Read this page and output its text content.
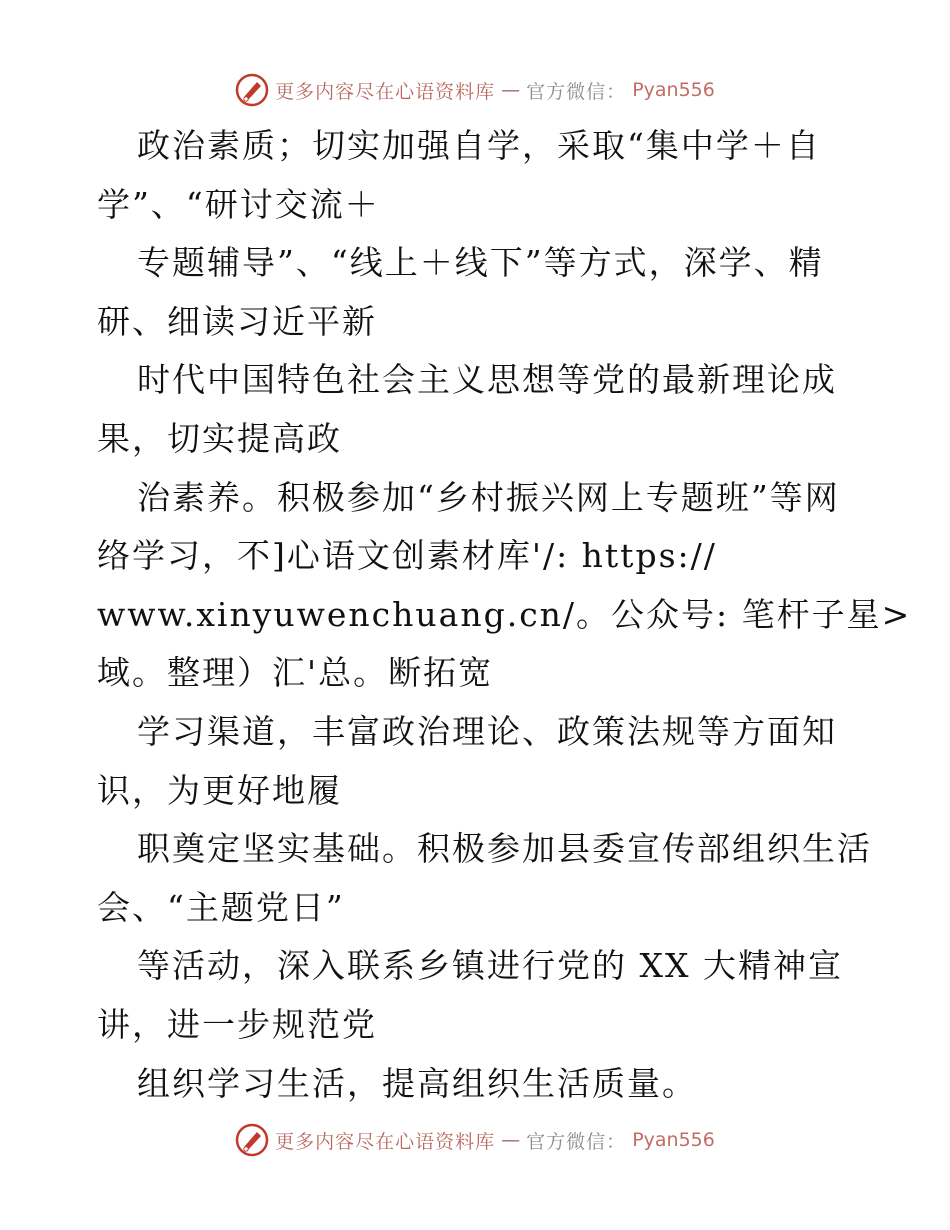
更多内容尽在心语资料库 — 官方微信： Pyan556
政治素质；切实加强自学，采取“集中学＋自
学”、“研讨交流＋
专题辅导”、“线上＋线下”等方式，深学、精
研、细读习近平新
时代中国特色社会主义思想等党的最新理论成
果，切实提高政
治素养。积极参加“乡村振兴网上专题班”等网
络学习，不]心语文创素材库'/: https://
www.xinyuwenchuang.cn/。公众号: 笔杆子星>
域。整理）汇'总。断拓宽
学习渠道，丰富政治理论、政策法规等方面知
识，为更好地履
职奠定坚实基础。积极参加县委宣传部组织生活
会、“主题党日”
等活动，深入联系乡镇进行党的 XX 大精神宣
讲，进一步规范党
组织学习生活，提高组织生活质量。
更多内容尽在心语资料库 — 官方微信： Pyan556
